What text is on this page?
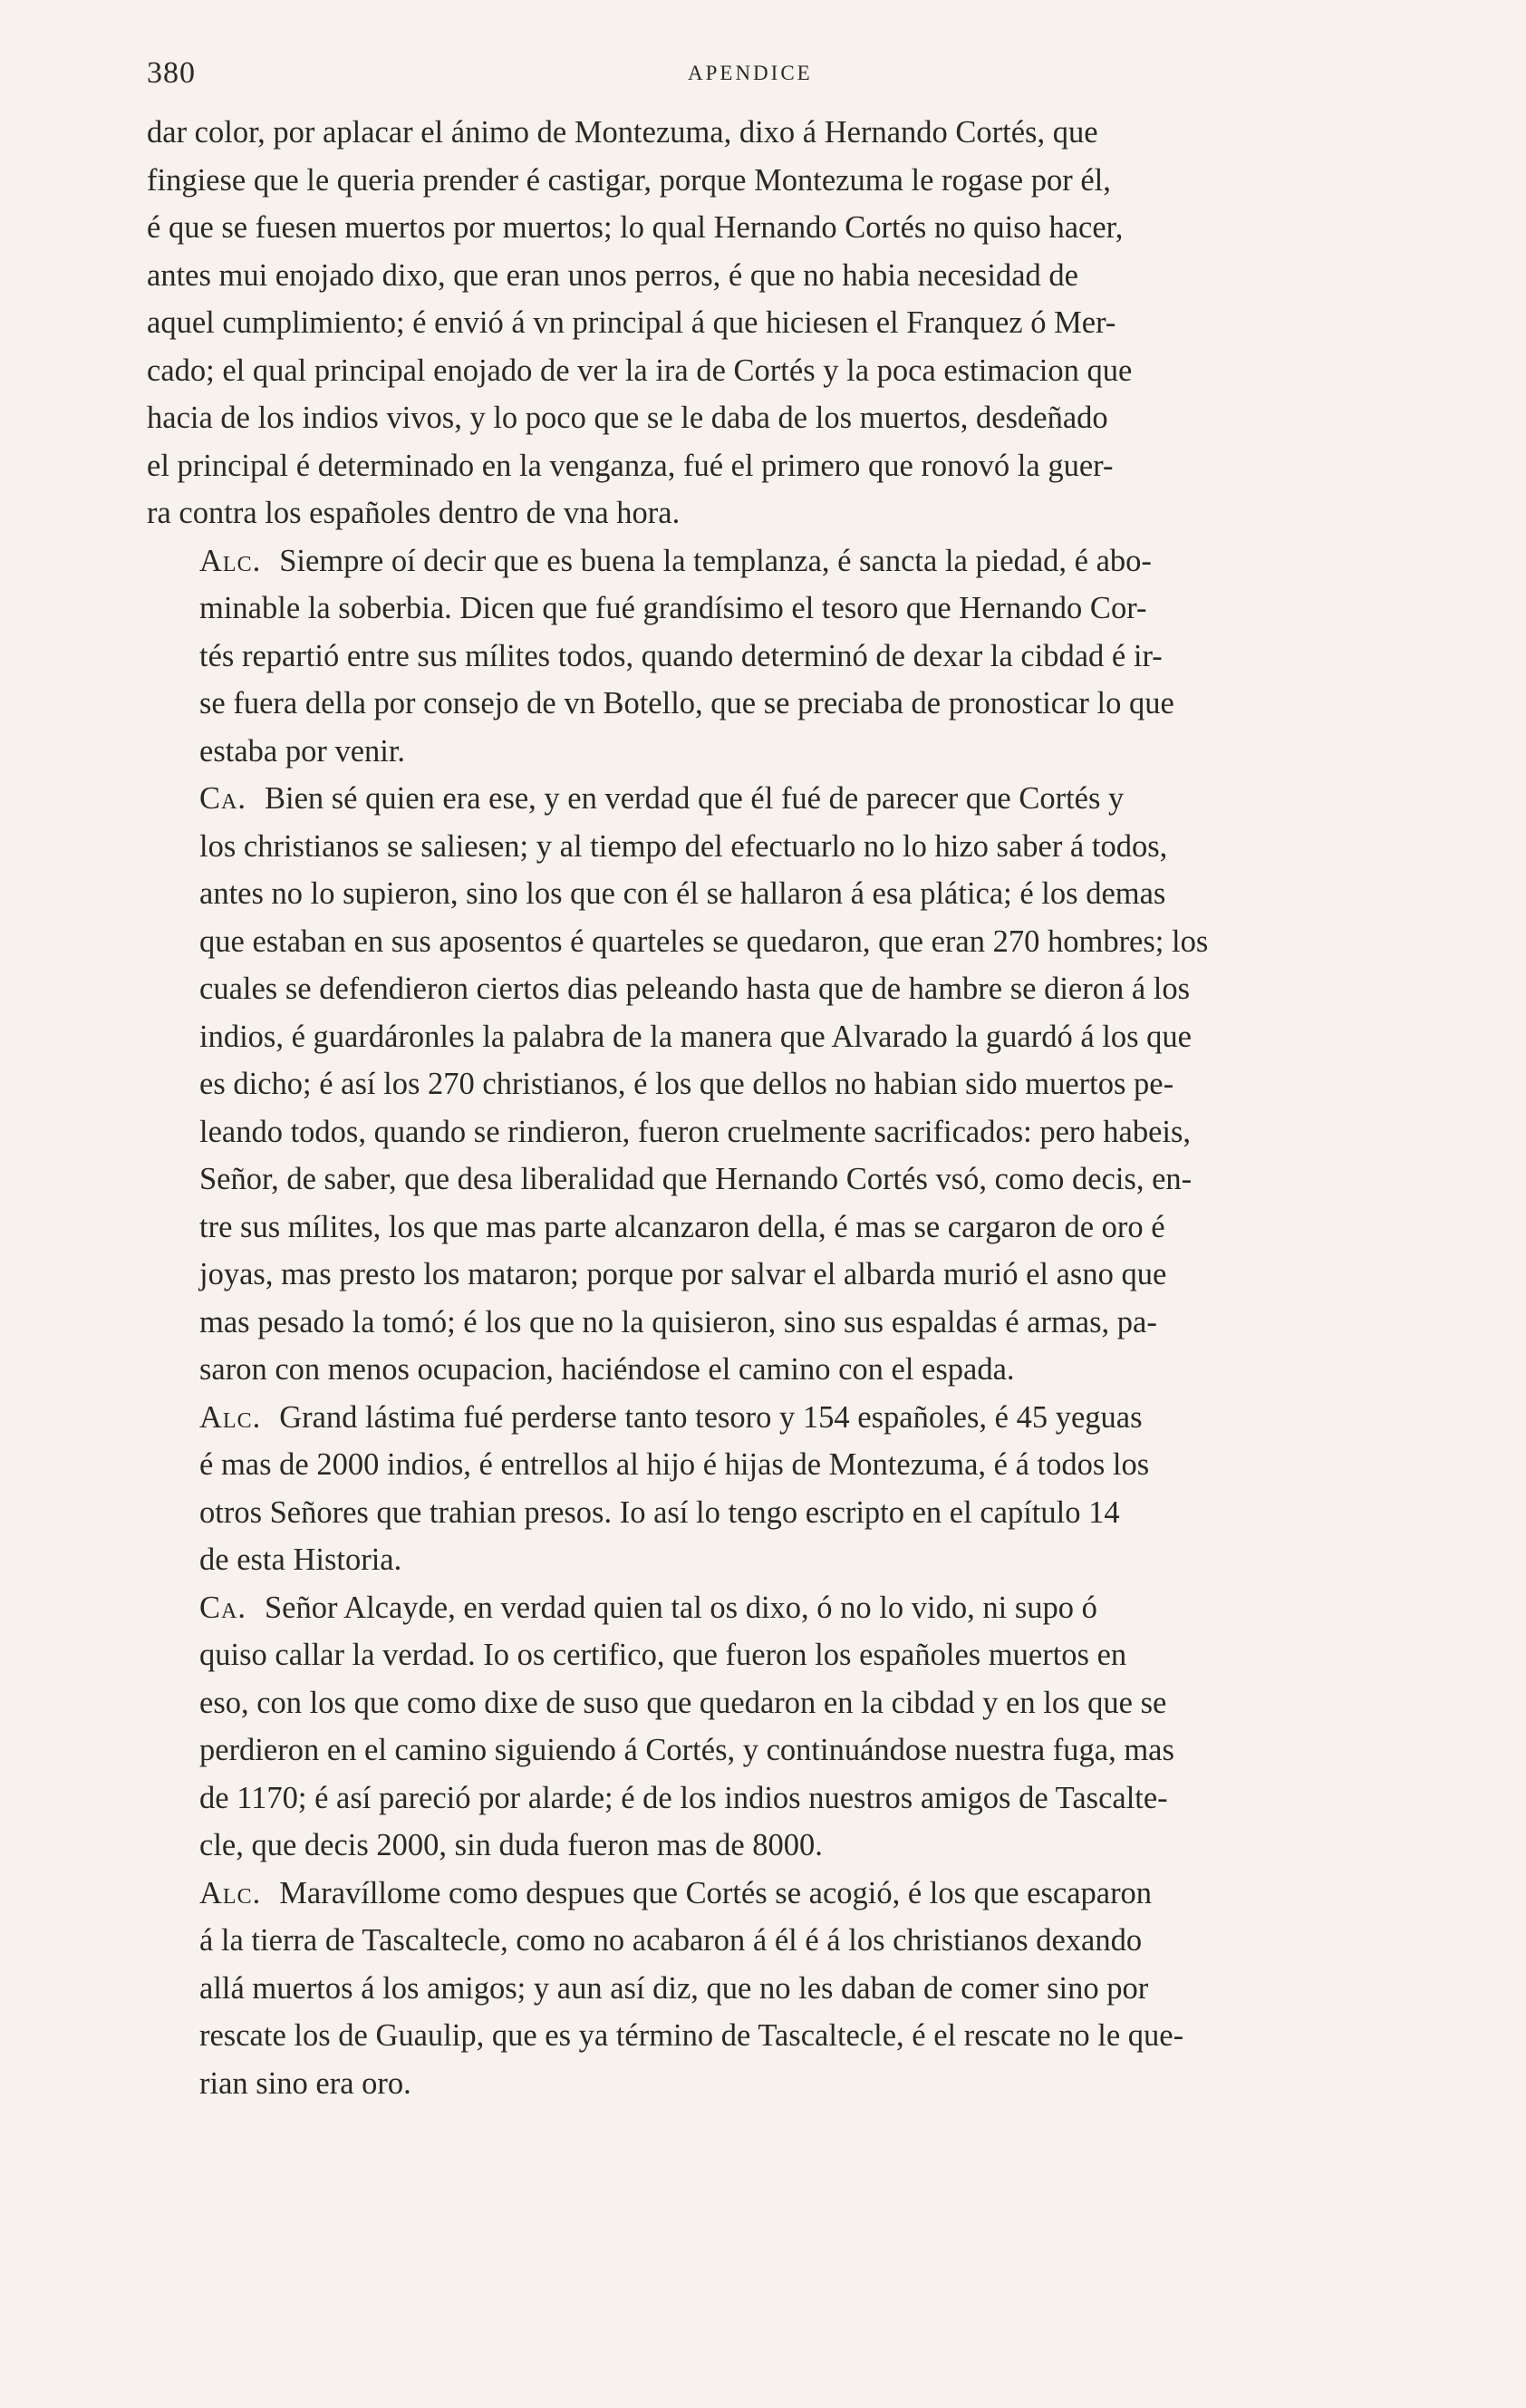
380	APENDICE

dar color, por aplacar el ánimo de Montezuma, dixo á Hernando Cortés, que
fingiese que le queria prender é castigar, porque Montezuma le rogase por él,
é que se fuesen muertos por muertos; lo qual Hernando Cortés no quiso hacer,
antes mui enojado dixo, que eran unos perros, é que no habia necesidad de
aquel cumplimiento; é envió á vn principal á que hiciesen el Franquez ó Mer-
cado; el qual principal enojado de ver la ira de Cortés y la poca estimacion que
hacia de los indios vivos, y lo poco que se le daba de los muertos, desdeñado
el principal é determinado en la venganza, fué el primero que ronovó la guer-
ra contra los españoles dentro de vna hora.

Alc. Siempre oí decir que es buena la templanza, é sancta la piedad, é abo-
minable la soberbia. Dicen que fué grandísimo el tesoro que Hernando Cor-
tés repartió entre sus mílites todos, quando determinó de dexar la cibdad é ir-
se fuera della por consejo de vn Botello, que se preciaba de pronosticar lo que
estaba por venir.

Ca. Bien sé quien era ese, y en verdad que él fué de parecer que Cortés y
los christianos se saliesen; y al tiempo del efectuarlo no lo hizo saber á todos,
antes no lo supieron, sino los que con él se hallaron á esa plática; é los demas
que estaban en sus aposentos é quarteles se quedaron, que eran 270 hombres; los
cuales se defendieron ciertos dias peleando hasta que de hambre se dieron á los
indios, é guardáronles la palabra de la manera que Alvarado la guardó á los que
es dicho; é así los 270 christianos, é los que dellos no habian sido muertos pe-
leando todos, quando se rindieron, fueron cruelmente sacrificados: pero habeis,
Señor, de saber, que desa liberalidad que Hernando Cortés vsó, como decis, en-
tre sus mílites, los que mas parte alcanzaron della, é mas se cargaron de oro é
joyas, mas presto los mataron; porque por salvar el albarda murió el asno que
mas pesado la tomó; é los que no la quisieron, sino sus espaldas é armas, pa-
saron con menos ocupacion, haciéndose el camino con el espada.

Alc. Grand lástima fué perderse tanto tesoro y 154 españoles, é 45 yeguas
é mas de 2000 indios, é entrellos al hijo é hijas de Montezuma, é á todos los
otros Señores que trahian presos. Io así lo tengo escripto en el capítulo 14
de esta Historia.

Ca. Señor Alcayde, en verdad quien tal os dixo, ó no lo vido, ni supo ó
quiso callar la verdad. Io os certifico, que fueron los españoles muertos en
eso, con los que como dixe de suso que quedaron en la cibdad y en los que se
perdieron en el camino siguiendo á Cortés, y continuándose nuestra fuga, mas
de 1170; é así pareció por alarde; é de los indios nuestros amigos de Tascalte-
cle, que decis 2000, sin duda fueron mas de 8000.

Alc. Maravíllome como despues que Cortés se acogió, é los que escaparon
á la tierra de Tascaltecle, como no acabaron á él é á los christianos dexando
allá muertos á los amigos; y aun así diz, que no les daban de comer sino por
rescate los de Guaulip, que es ya término de Tascaltecle, é el rescate no le que-
rian sino era oro.
